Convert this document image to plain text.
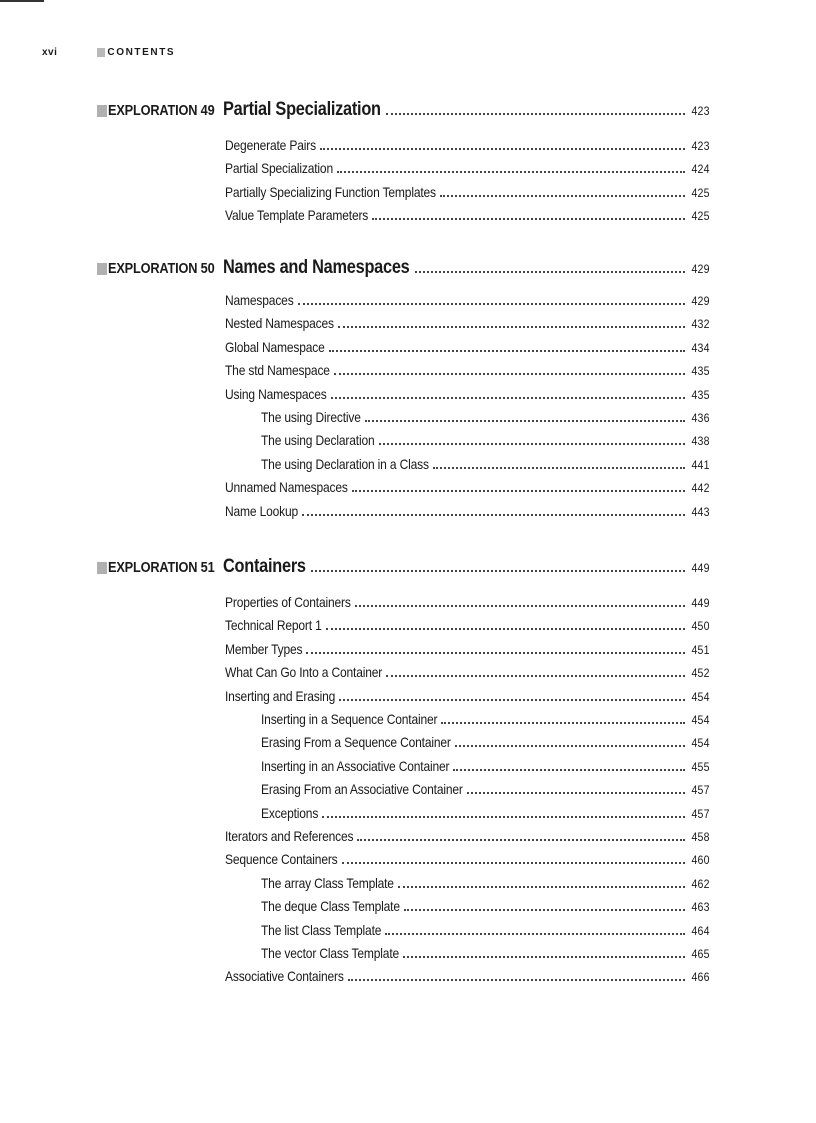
xvi	CONTENTS
EXPLORATION 49 Partial Specialization	423
Degenerate Pairs	423
Partial Specialization	424
Partially Specializing Function Templates	425
Value Template Parameters	425
EXPLORATION 50 Names and Namespaces	429
Namespaces	429
Nested Namespaces	432
Global Namespace	434
The std Namespace	435
Using Namespaces	435
The using Directive	436
The using Declaration	438
The using Declaration in a Class	441
Unnamed Namespaces	442
Name Lookup	443
EXPLORATION 51 Containers	449
Properties of Containers	449
Technical Report 1	450
Member Types	451
What Can Go Into a Container	452
Inserting and Erasing	454
Inserting in a Sequence Container	454
Erasing From a Sequence Container	454
Inserting in an Associative Container	455
Erasing From an Associative Container	457
Exceptions	457
Iterators and References	458
Sequence Containers	460
The array Class Template	462
The deque Class Template	463
The list Class Template	464
The vector Class Template	465
Associative Containers	466
